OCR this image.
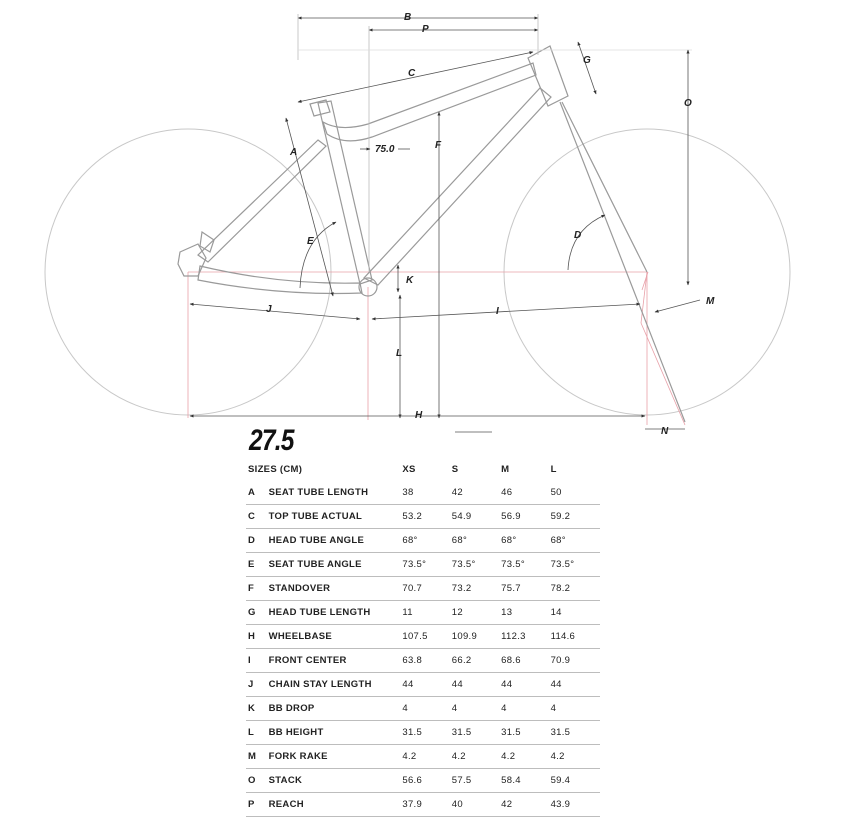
B
P
C
G
O
A
F
75.0
D
E
K
J	I
M
L
H
N
27.5
SIZES (CM)		XS	S	M	L
A	SEAT TUBE LENGTH	38	42	46	50
C	TOP TUBE ACTUAL	53.2	54.9	56.9	59.2
D	HEAD TUBE ANGLE	68°	68°	68°	68°
E	SEAT TUBE ANGLE	73.5°	73.5°	73.5°	73.5°
F	STANDOVER	70.7	73.2	75.7	78.2
G	HEAD TUBE LENGTH	11	12	13	14
H	WHEELBASE	107.5	109.9	112.3	114.6
I	FRONT CENTER	63.8	66.2	68.6	70.9
J	CHAIN STAY LENGTH	44	44	44	44
K	BB DROP	4	4	4	4
L	BB HEIGHT	31.5	31.5	31.5	31.5
M	FORK RAKE	4.2	4.2	4.2	4.2
O	STACK	56.6	57.5	58.4	59.4
P	REACH	37.9	40	42	43.9
